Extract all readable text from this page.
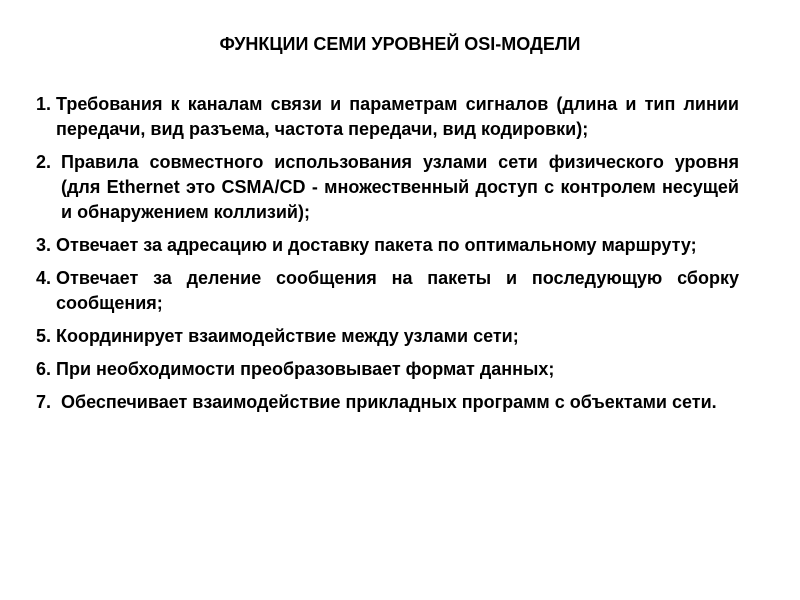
ФУНКЦИИ СЕМИ УРОВНЕЙ OSI-МОДЕЛИ
1. Требования к каналам связи и параметрам сигналов (длина и тип линии передачи, вид разъема, частота передачи, вид кодировки);
2. Правила совместного использования узлами сети физического уровня (для Ethernet это CSMA/CD - множественный доступ с контролем несущей и обнаружением коллизий);
3. Отвечает за адресацию и доставку пакета по оптимальному маршруту;
4. Отвечает за деление сообщения на пакеты и последующую сборку сообщения;
5. Координирует взаимодействие между узлами сети;
6. При необходимости преобразовывает формат данных;
7. Обеспечивает взаимодействие прикладных программ с объектами сети.
